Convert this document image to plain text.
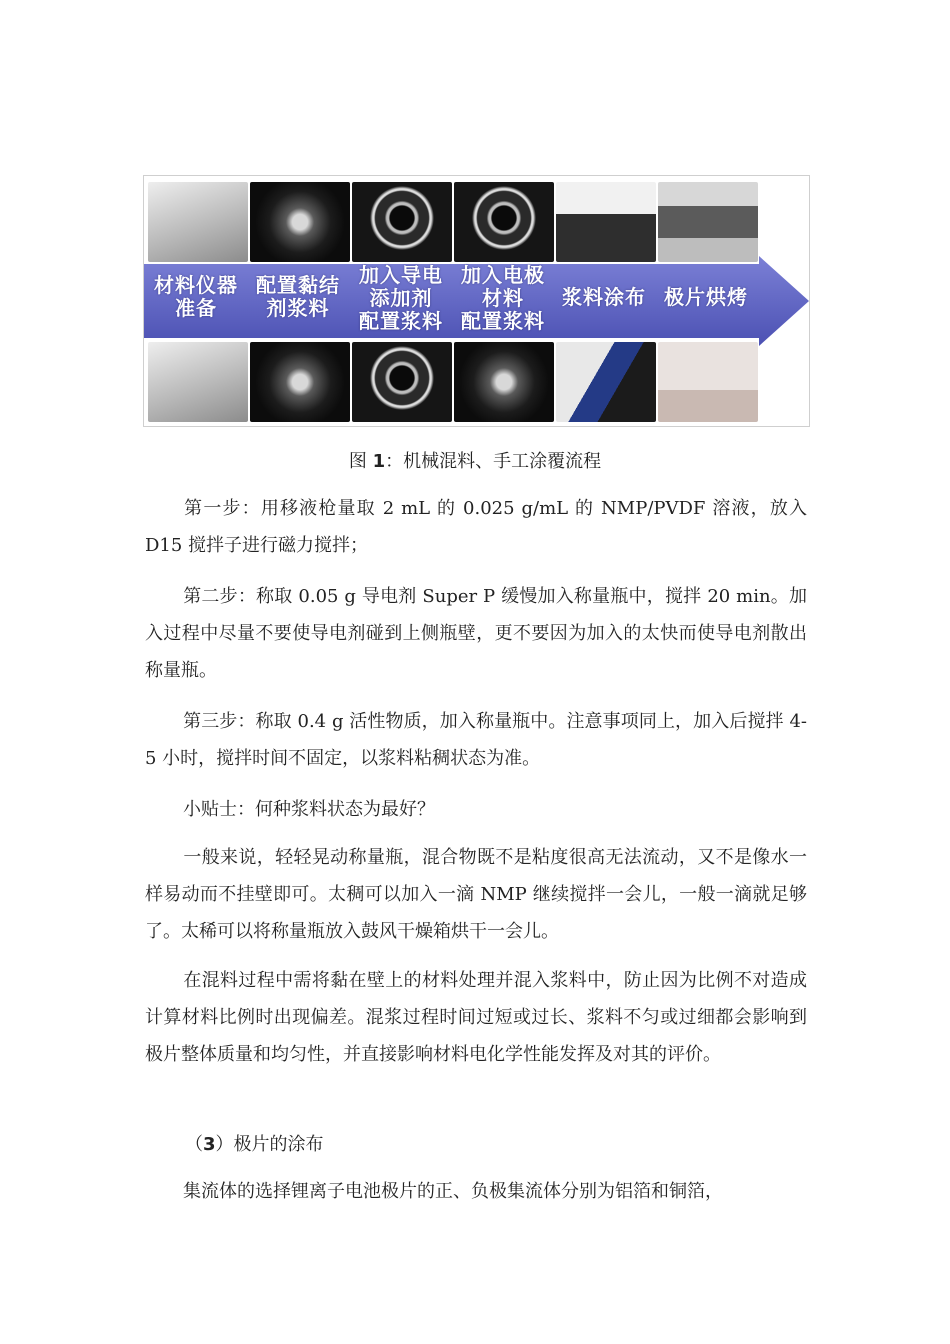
材料仪器
准备
配置黏结
剂浆料
加入导电
添加剂
配置浆料
加入电极
材料
配置浆料
浆料涂布 极片烘烤
图 1：机械混料、手工涂覆流程

第一步：用移液枪量取 2 mL 的 0.025 g/mL 的 NMP/PVDF 溶液，放入 D15 搅拌子进行磁力搅拌；

第二步：称取 0.05 g 导电剂 Super P 缓慢加入称量瓶中，搅拌 20 min。加入过程中尽量不要使导电剂碰到上侧瓶壁，更不要因为加入的太快而使导电剂散出称量瓶。

第三步：称取 0.4 g 活性物质，加入称量瓶中。注意事项同上，加入后搅拌 4-5 小时，搅拌时间不固定，以浆料粘稠状态为准。

小贴士：何种浆料状态为最好？

一般来说，轻轻晃动称量瓶，混合物既不是粘度很高无法流动，又不是像水一样易动而不挂壁即可。太稠可以加入一滴 NMP 继续搅拌一会儿，一般一滴就足够了。太稀可以将称量瓶放入鼓风干燥箱烘干一会儿。

在混料过程中需将黏在壁上的材料处理并混入浆料中，防止因为比例不对造成计算材料比例时出现偏差。混浆过程时间过短或过长、浆料不匀或过细都会影响到极片整体质量和均匀性，并直接影响材料电化学性能发挥及对其的评价。

（3）极片的涂布

集流体的选择锂离子电池极片的正、负极集流体分别为铝箔和铜箔，
